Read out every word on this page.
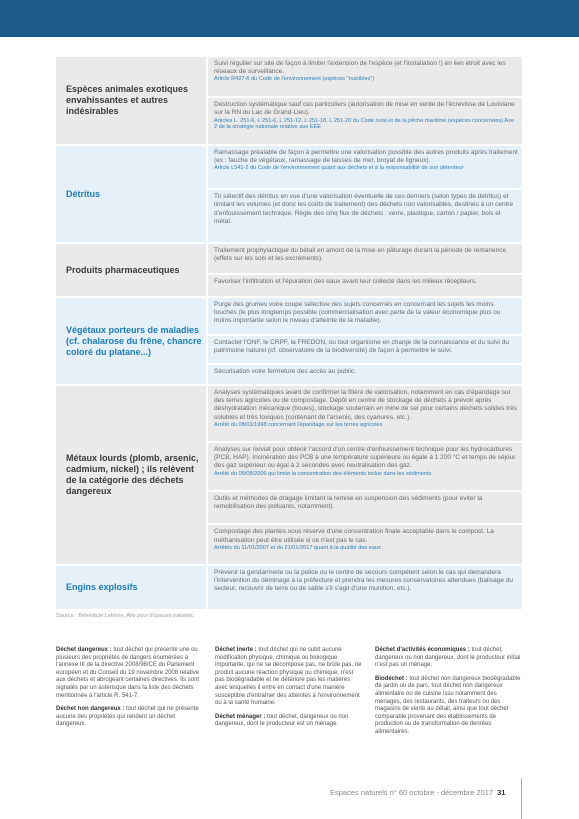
Espèces animales exotiques envahissantes et autres indésirables
Suivi régulier sur site de façon à limiter l'extension de l'espèce (et l'installation !) en lien étroit avec les réseaux de surveillance.
Article R427-6 du Code de l'environnement (espèces "nuisibles")
Destruction systématique sauf cas particuliers (autorisation de mise en vente de l'écrevisse de Louisiane sur la RN du Lac de Grand-Lieu).
Articles L. 251-6, L 251-6, L 251-12, L 251-18, L 251-20 du Code rural et de la pêche maritime (espèces concernées) Axe 2 de la stratégie nationale relative aux EEE
Détritus
Ramassage préalable de façon à permettre une valorisation possible des autres produits après traitement (ex : fauche de végétaux, ramassage de laisses de mer, broyat de ligneux).
Article L541-2 du Code de l'environnement quant aux déchets et à la responsabilité de son détenteur
Tri sélectif des détritus en vue d'une valorisation éventuelle de ces derniers (selon types de détritus) et limitant les volumes (et donc les coûts de traitement) des déchets non valorisables, destinés à un centre d'enfouissement technique. Règle des cinq flux de déchets : verre, plastique, carton / papier, bois et métal.
Produits pharmaceutiques
Traitement prophylactique du bétail en amont de la mise en pâturage durant la période de rémanence (effets sur les sols et les excréments).
Favoriser l'infiltration et l'épuration des eaux avant leur collecte dans les milieux récepteurs.
Végétaux porteurs de maladies (cf. chalarose du frêne, chancre coloré du platane...)
Purge des grumes voire coupe sélective des sujets concernés en concernant les sujets les moins touchés (le plus longtemps possible (commercialisation avec perte de la valeur économique plus ou moins importante selon le niveau d'atteinte de la maladie).
Contacter l'ONF, le CRPF, la FREDON, ou tout organisme en charge de la connaissance et du suivi du patrimoine naturel (cf. observatoire de la biodiversité) de façon à permettre le suivi.
Sécurisation voire fermeture des accès au public.
Métaux lourds (plomb, arsenic, cadmium, nickel) ; ils relèvent de la catégorie des déchets dangereux
Analyses systématiques avant de confirmer la filière de valorisation, notamment en cas d'épandage sur des terres agricoles ou de compostage. Dépôt en centre de stockage de déchets à prévoir après déshydratation mécanique (boues), stockage souterrain en mine de sel pour certains déchets solides très solubles et très toxiques (contenant de l'arsenic, des cyanures, etc.).
Arrêté du 08/01/1998 concernant l'épandage sur les terres agricoles
Analyses sur lixiviat pour obtenir l'accord d'un centre d'enfouissement technique pour les hydrocarbures (PCB, HAP). Incinération des PCB à une température supérieure ou égale à 1 200 °C et temps de séjour des gaz supérieur ou égal à 2 secondes avec neutralisation des gaz.
Arrêté du 09/08/2006 qui limite la concentration des éléments inclus dans les sédiments
Outils et méthodes de dragage limitant la remise en suspension des sédiments (pour éviter la remobilisation des polluants, notamment).
Compostage des plantes sous réserve d'une concentration finale acceptable dans le compost. La méthanisation peut être utilisée si ce n'est pas le cas.
Arrêtés du 11/01/2007 et du 21/01/2017 quant à la qualité des eaux
Engins explosifs
Prévenir la gendarmerie ou la police ou le centre de secours compétent selon le cas qui demandera l'intervention du déminage à la préfecture et prendra les mesures conservatoires attendues (balisage du secteur, recouvrir de terre ou de sable s'il s'agit d'une munition, etc.).
Source : Bénédicte Lefèvre, Alie pour Espaces naturels.

Déchet dangereux : tout déchet qui présente une ou plusieurs des propriétés de dangers énumérées à l'annexe III de la directive 2008/98/CE du Parlement européen et du Conseil du 19 novembre 2008 relative aux déchets et abrogeant certaines directives. Ils sont signalés par un astérisque dans la liste des déchets mentionnée à l'article R. 541-7.

Déchet non dangereux : tout déchet qui ne présente aucune des propriétés qui rendent un déchet dangereux.

Déchet inerte : tout déchet qui ne subit aucune modification physique, chimique ou biologique importante, qui ne se décompose pas, ne brûle pas, ne produit aucune réaction physique ou chimique, n'est pas biodégradable et ne détériore pas les matières avec lesquelles il entre en contact d'une manière susceptible d'entraîner des atteintes à l'environnement ou à la santé humaine.

Déchet ménager : tout déchet, dangereux ou non dangereux, dont le producteur est un ménage.

Déchet d'activités économiques : tout déchet, dangereux ou non dangereux, dont le producteur initial n'est pas un ménage.

Biodéchet : tout déchet non dangereux biodégradable de jardin ou de parc, tout déchet non dangereux alimentaire ou de cuisine issu notamment des ménages, des restaurants, des traiteurs ou des magasins de vente au détail, ainsi que tout déchet comparable provenant des établissements de production ou de transformation de denrées alimentaires.

Espaces naturels n° 60 octobre - décembre 2017 31
